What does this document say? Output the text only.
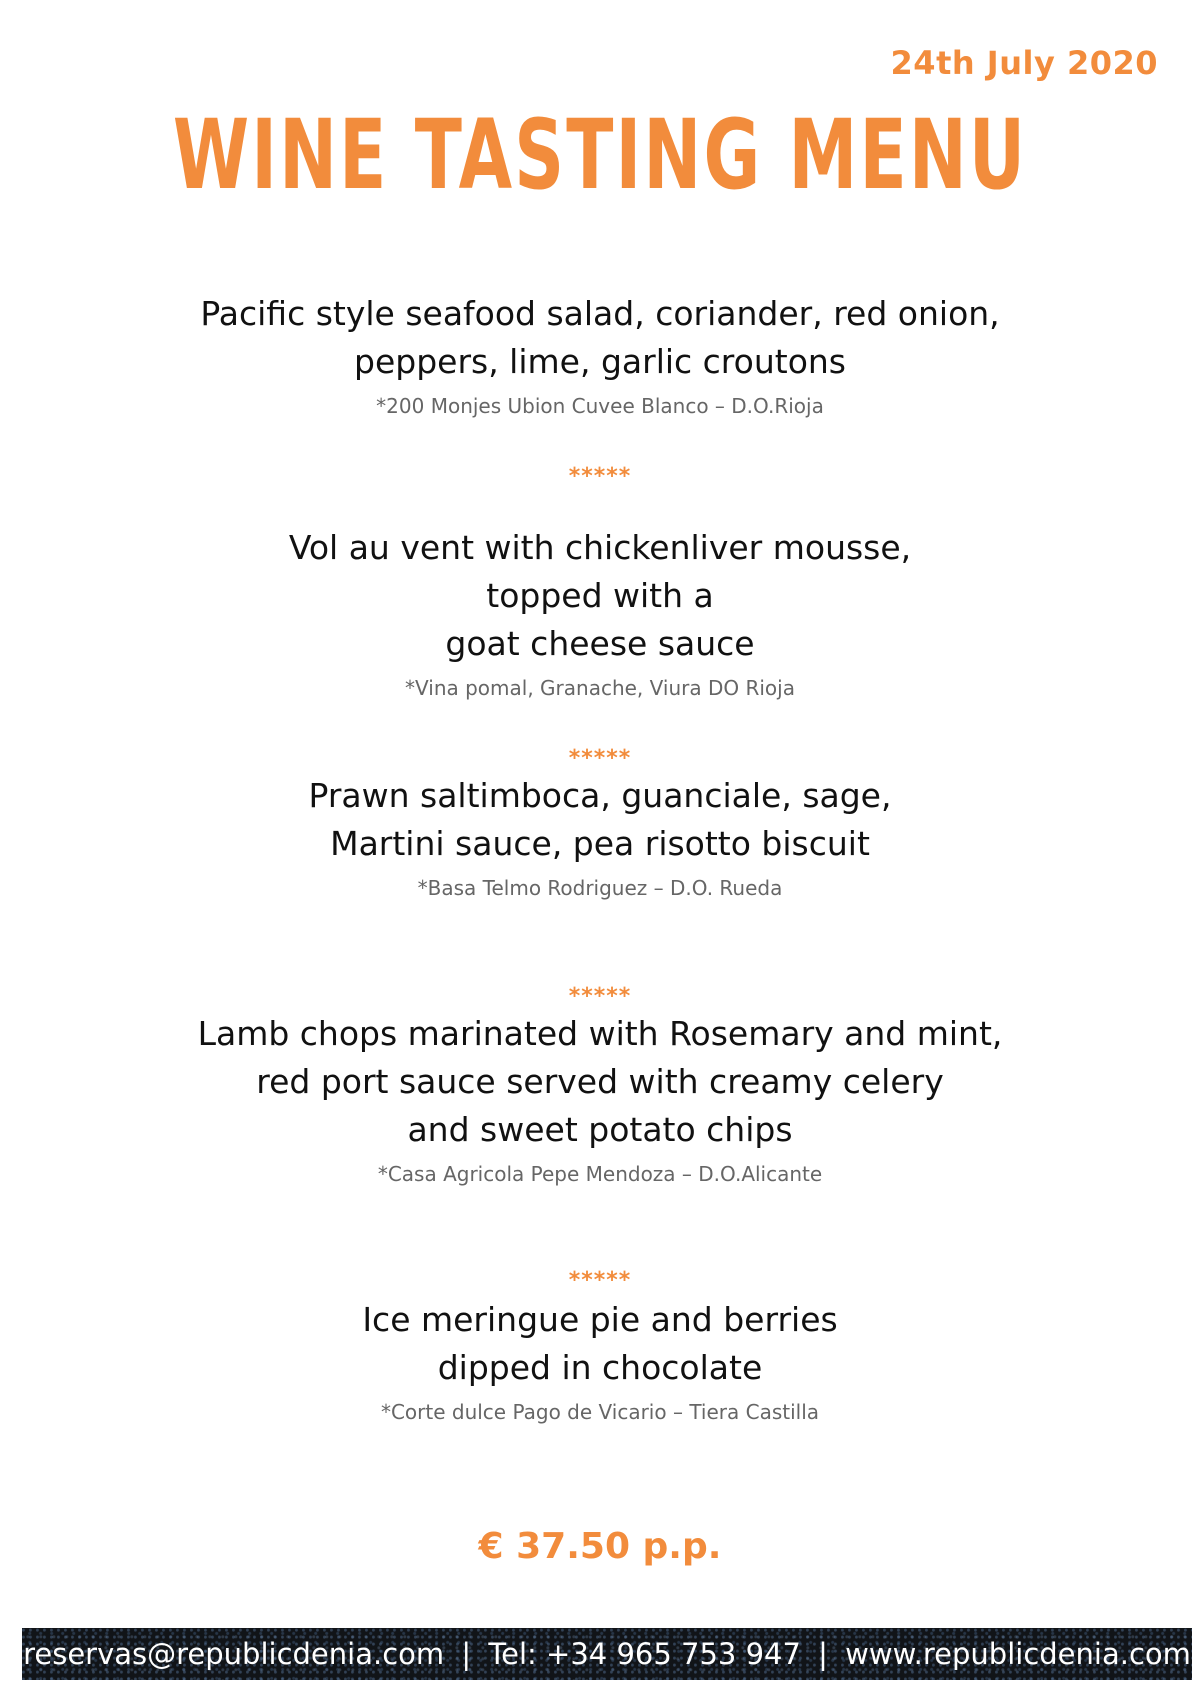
24th July 2020
WINE TASTING MENU

Pacific style seafood salad, coriander, red onion,

peppers, lime, garlic croutons

*200 Monjes Ubion Cuvee Blanco – D.O.Rioja
*****

Vol au vent with chickenliver mousse,

topped with a

goat cheese sauce

*Vina pomal, Granache, Viura DO Rioja
*****

Prawn saltimboca, guanciale, sage,

Martini sauce, pea risotto biscuit

*Basa Telmo Rodriguez – D.O. Rueda
*****

Lamb chops marinated with Rosemary and mint,

red port sauce served with creamy celery

and sweet potato chips

*Casa Agricola Pepe Mendoza – D.O.Alicante
*****

Ice meringue pie and berries

dipped in chocolate

*Corte dulce Pago de Vicario – Tiera Castilla
€ 37.50 p.p.
reservas@republicdenia.com | Tel: +34 965 753 947 | www.republicdenia.com
